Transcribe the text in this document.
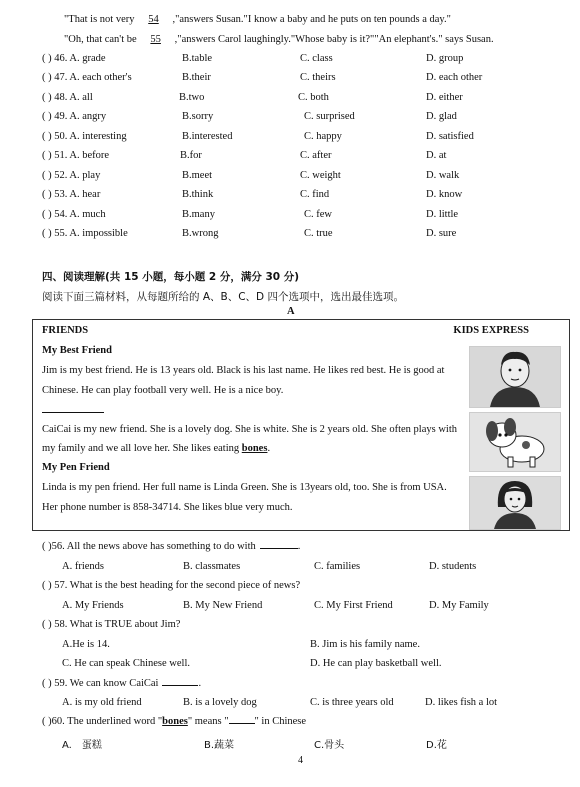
"That is not very 54 ,"answers Susan."I know a baby and he puts on ten pounds a day."
"Oh, that can't be 55 ,"answers Carol laughingly."Whose baby is it?""An elephant's." says Susan.
( ) 46. A. grade	B.table	C. class	D. group
( ) 47. A. each other's	B.their	C. theirs	D. each other
( ) 48. A. all	B.two	C. both	D. either
( ) 49. A. angry	B.sorry	C. surprised	D. glad
( ) 50. A. interesting	B.interested	C. happy	D. satisfied
( ) 51. A. before	B.for	C. after	D. at
( ) 52. A. play	B.meet	C. weight	D. walk
( ) 53. A. hear	B.think	C. find	D. know
( ) 54. A. much	B.many	C. few	D. little
( ) 55. A. impossible	B.wrong	C. true	D. sure
四、阅读理解(共 15 小题，每小题 2 分，满分 30 分)
阅读下面三篇材料，从每题所给的 A、B、C、D 四个选项中，选出最佳选项。
A
FRIENDS	KIDS EXPRESS
My Best Friend
Jim is my best friend. He is 13 years old. Black is his last name. He likes red best. He is good at
Chinese. He can play football very well. He is a nice boy.
CaiCai is my new friend. She is a lovely dog. She is white. She is 2 years old. She often plays with
my family and we all love her. She likes eating bones.
My Pen Friend
Linda is my pen friend. Her full name is Linda Green. She is 13years old, too. She is from USA.
Her phone number is 858-34714. She likes blue very much.
( )56. All the news above has something to do with	.
A. friends	B. classmates	C. families	D. students
( ) 57. What is the best heading for the second piece of news?
A. My Friends	B. My New Friend	C. My First Friend	D. My Family
( ) 58. What is TRUE about Jim?
A.He is 14.	B. Jim is his family name.
C. He can speak Chinese well.	D. He can play basketball well.
( ) 59. We can know CaiCai	.
A. is my old friend	B. is a lovely dog	C. is three years old	D. likes fish a lot
( )60. The underlined word "bones" means " " in Chinese
A.　蛋糕	B.蔬菜	C.骨头	D.花
4
